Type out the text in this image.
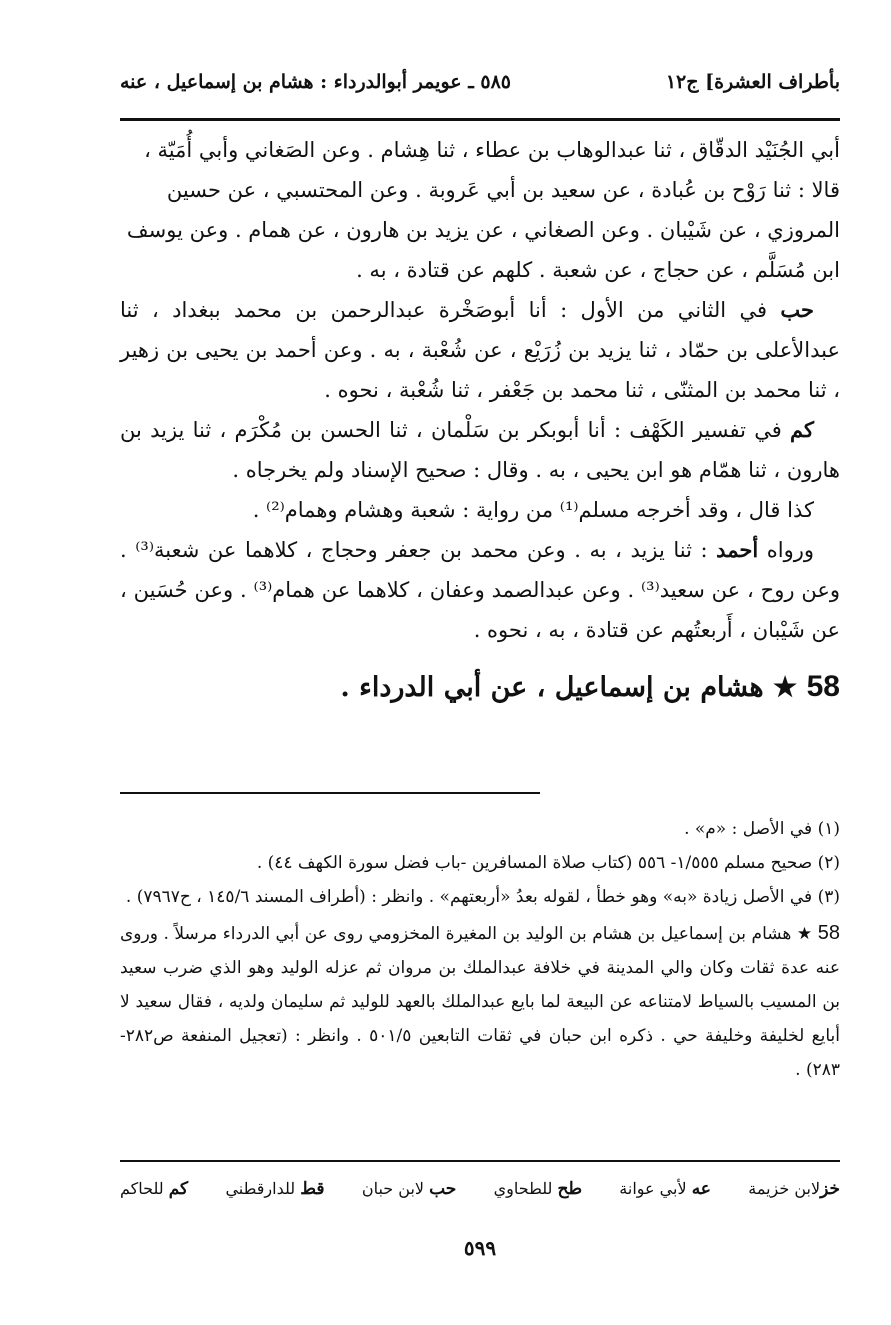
بأطراف العشرة] ج١٢
٥٨٥ ـ عويمر أبوالدرداء : هشام بن إسماعيل ، عنه

أبي الجُنَيْد الدقّاق ، ثنا عبدالوهاب بن عطاء ، ثنا هِشام . وعن الصَغاني وأبي أُمَيّة ،

قالا : ثنا رَوْح بن عُبادة ، عن سعيد بن أبي عَروبة . وعن المحتسبي ، عن حسين

المروزي ، عن شَيْبان . وعن الصغاني ، عن يزيد بن هارون ، عن همام . وعن يوسف

ابن مُسَلَّم ، عن حجاج ، عن شعبة . كلهم عن قتادة ، به .

حب في الثاني من الأول : أنا أبوصَخْرة عبدالرحمن بن محمد ببغداد ، ثنا عبدالأعلى بن حمّاد ، ثنا يزيد بن زُرَيْع ، عن شُعْبة ، به . وعن أحمد بن يحيى بن زهير ، ثنا محمد بن المثنّى ، ثنا محمد بن جَعْفر ، ثنا شُعْبة ، نحوه .

كم في تفسير الكَهْف : أنا أبوبكر بن سَلْمان ، ثنا الحسن بن مُكْرَم ، ثنا يزيد بن هارون ، ثنا همّام هو ابن يحيى ، به . وقال : صحيح الإسناد ولم يخرجاه .

كذا قال ، وقد أخرجه مسلم⁽¹⁾ من رواية : شعبة وهشام وهمام⁽²⁾ .

ورواه أحمد : ثنا يزيد ، به . وعن محمد بن جعفر وحجاج ، كلاهما عن شعبة⁽³⁾ . وعن روح ، عن سعيد⁽³⁾ . وعن عبدالصمد وعفان ، كلاهما عن همام⁽³⁾ . وعن حُسَين ، عن شَيْبان ، أَربعتُهم عن قتادة ، به ، نحوه .

58 ★ هشام بن إسماعيل ، عن أبي الدرداء .

(١) في الأصل : «م» .

(٢) صحيح مسلم ١/٥٥٥- ٥٥٦ (كتاب صلاة المسافرين -باب فضل سورة الكهف ٤٤) .

(٣) في الأصل زيادة «به» وهو خطأ ، لقوله بعدُ «أربعتهم» . وانظر : (أطراف المسند ١٤٥/٦ ، ح٧٩٦٧) .

58 ★ هشام بن إسماعيل بن هشام بن الوليد بن المغيرة المخزومي روى عن أبي الدرداء مرسلاً . وروى عنه عدة ثقات وكان والي المدينة في خلافة عبدالملك بن مروان ثم عزله الوليد وهو الذي ضرب سعيد بن المسيب بالسياط لامتناعه عن البيعة لما بايع عبدالملك بالعهد للوليد ثم سليمان ولديه ، فقال سعيد لا أبايع لخليفة وخليفة حي . ذكره ابن حبان في ثقات التابعين ٥٠١/٥ . وانظر : (تعجيل المنفعة ص٢٨٢- ٢٨٣) .

خزلابن خزيمة
عه لأبي عوانة
طح للطحاوي
حب لابن حبان
قط للدارقطني
كم للحاكم
٥٩٩
